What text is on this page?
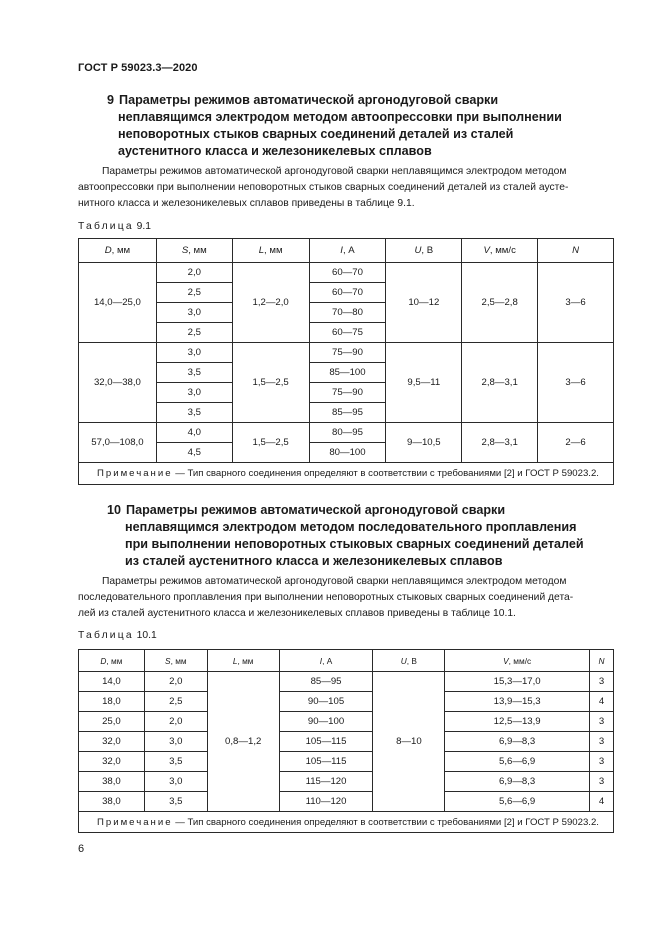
ГОСТ Р 59023.3—2020
9 Параметры режимов автоматической аргонодуговой сварки
неплавящимся электродом методом автоопрессовки при выполнении
неповоротных стыков сварных соединений деталей из сталей
аустенитного класса и железоникелевых сплавов
Параметры режимов автоматической аргонодуговой сварки неплавящимся электродом методом
автоопрессовки при выполнении неповоротных стыков сварных соединений деталей из сталей аусте-
нитного класса и железоникелевых сплавов приведены в таблице 9.1.
Таблица 9.1
D, мм	S, мм	L, мм	I, А	U, В	V, мм/с	N
14,0—25,0	2,0	1,2—2,0	60—70	10—12	2,5—2,8	3—6
	2,5		60—70			
	3,0		70—80			
	2,5		60—75			
32,0—38,0	3,0	1,5—2,5	75—90	9,5—11	2,8—3,1	3—6
	3,5		85—100			
	3,0		75—90			
	3,5		85—95			
57,0—108,0	4,0	1,5—2,5	80—95	9—10,5	2,8—3,1	2—6
	4,5		80—100			
Примечание — Тип сварного соединения определяют в соответствии с требованиями [2] и ГОСТ Р 59023.2.						
10 Параметры режимов автоматической аргонодуговой сварки
неплавящимся электродом методом последовательного проплавления
при выполнении неповоротных стыковых сварных соединений деталей
из сталей аустенитного класса и железоникелевых сплавов
Параметры режимов автоматической аргонодуговой сварки неплавящимся электродом методом
последовательного проплавления при выполнении неповоротных стыковых сварных соединений дета-
лей из сталей аустенитного класса и железоникелевых сплавов приведены в таблице 10.1.
Таблица 10.1
D, мм	S, мм	L, мм	I, А	U, В	V, мм/с	N
14,0	2,0	0,8—1,2	85—95	8—10	15,3—17,0	3
18,0	2,5		90—105		13,9—15,3	4
25,0	2,0		90—100		12,5—13,9	3
32,0	3,0		105—115		6,9—8,3	3
32,0	3,5		105—115		5,6—6,9	3
38,0	3,0		115—120		6,9—8,3	3
38,0	3,5		110—120		5,6—6,9	4
Примечание — Тип сварного соединения определяют в соответствии с требованиями [2] и ГОСТ Р 59023.2.						
6
